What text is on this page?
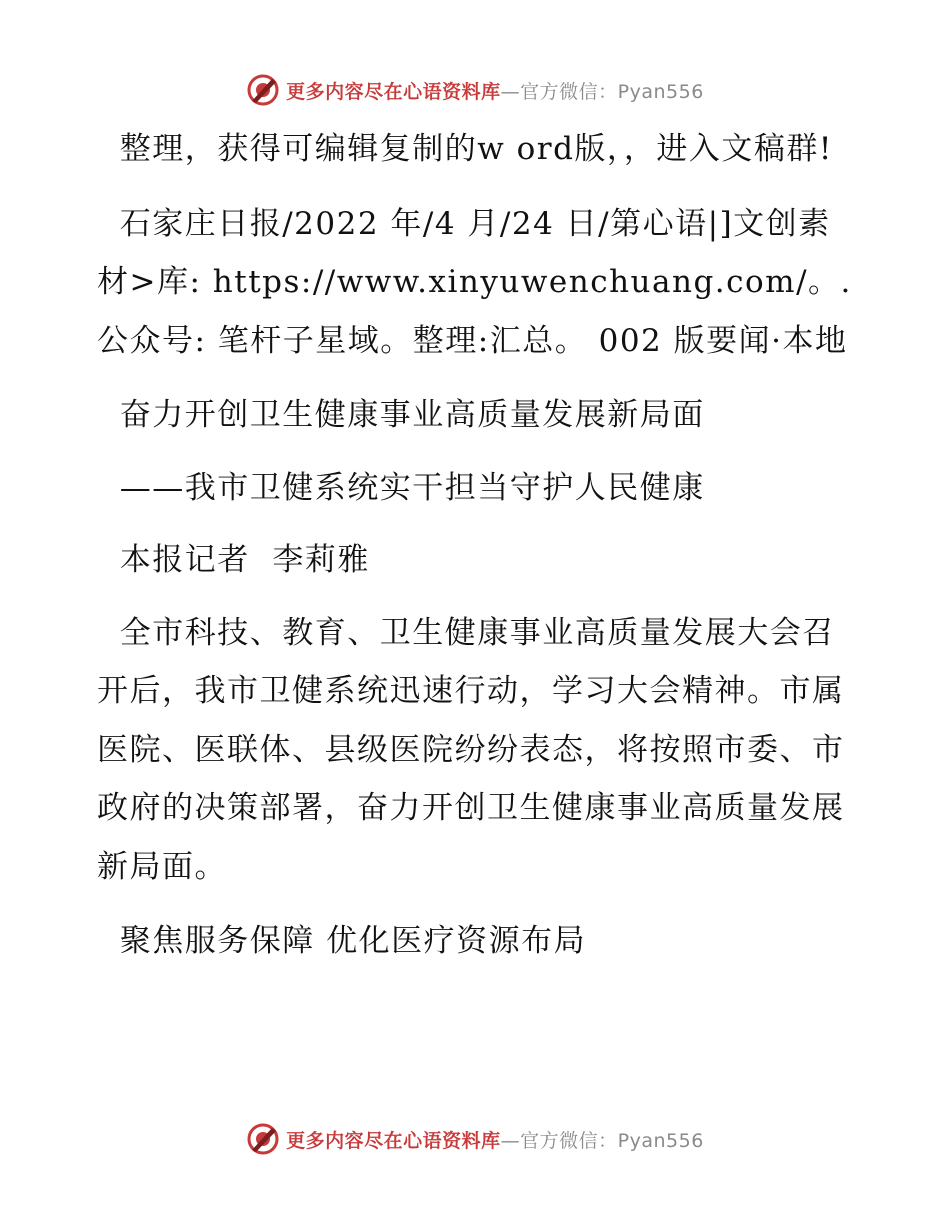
更多内容尽在心语资料库—官方微信：Pyan556

整理，获得可编辑复制的w ord版，，进入文稿群!

石家庄日报/2022 年/4 月/24 日/第心语|]文创素材>库: https://www.xinyuwenchuang.com/。.公众号: 笔杆子星域。整理:汇总。 002 版要闻·本地

奋力开创卫生健康事业高质量发展新局面

——我市卫健系统实干担当守护人民健康

本报记者  李莉雅

全市科技、教育、卫生健康事业高质量发展大会召开后，我市卫健系统迅速行动，学习大会精神。市属医院、医联体、县级医院纷纷表态，将按照市委、市政府的决策部署，奋力开创卫生健康事业高质量发展新局面。

聚焦服务保障 优化医疗资源布局

更多内容尽在心语资料库—官方微信：Pyan556
